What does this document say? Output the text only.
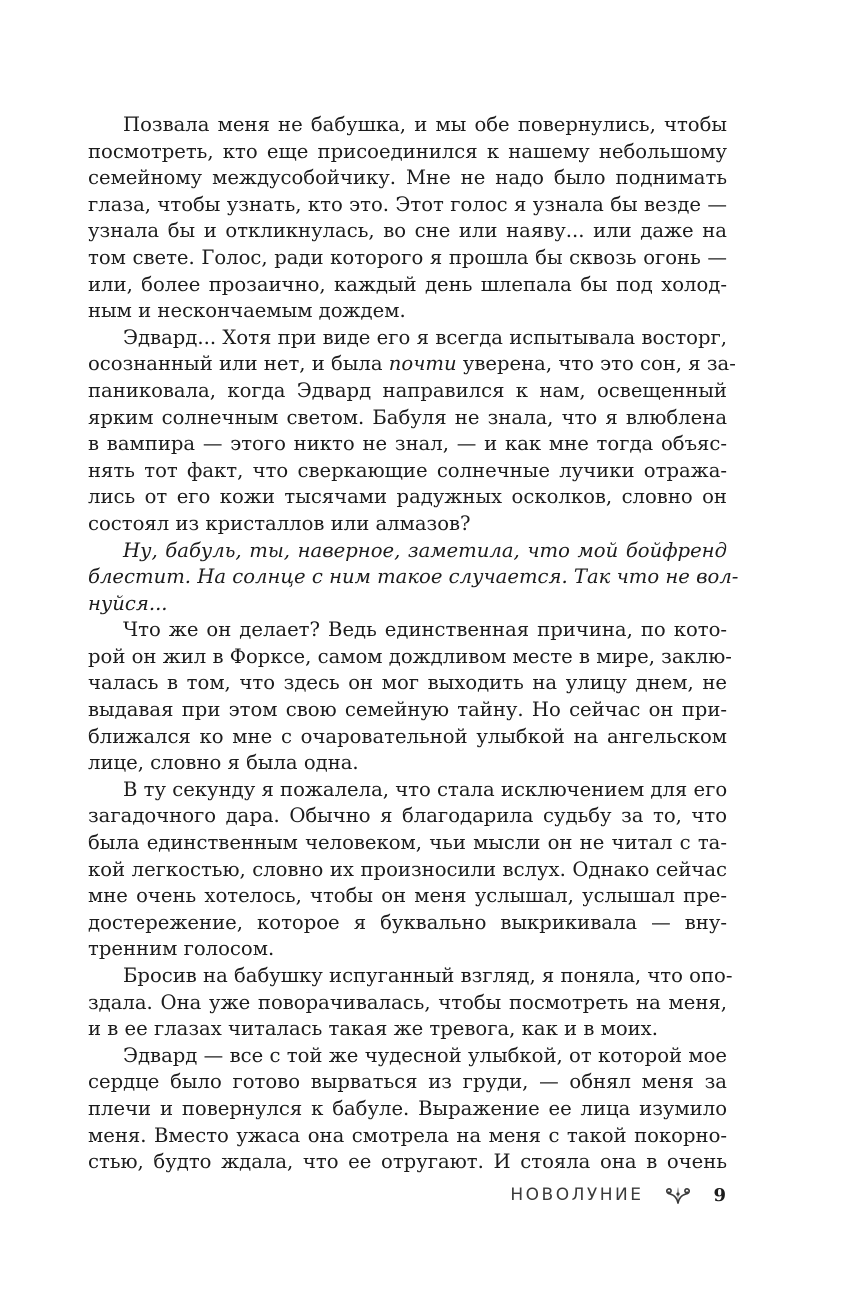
Позвала меня не бабушка, и мы обе повернулись, чтобы
посмотреть, кто еще присоединился к нашему небольшому
семейному междусобойчику. Мне не надо было поднимать
глаза, чтобы узнать, кто это. Этот голос я узнала бы везде —
узнала бы и откликнулась, во сне или наяву... или даже на
том свете. Голос, ради которого я прошла бы сквозь огонь —
или, более прозаично, каждый день шлепала бы под холод-
ным и нескончаемым дождем.
Эдвард... Хотя при виде его я всегда испытывала восторг,
осознанный или нет, и была почти уверена, что это сон, я за-
паниковала, когда Эдвард направился к нам, освещенный
ярким солнечным светом. Бабуля не знала, что я влюблена
в вампира — этого никто не знал, — и как мне тогда объяс-
нять тот факт, что сверкающие солнечные лучики отража-
лись от его кожи тысячами радужных осколков, словно он
состоял из кристаллов или алмазов?
Ну, бабуль, ты, наверное, заметила, что мой бойфренд
блестит. На солнце с ним такое случается. Так что не вол-
нуйся...
Что же он делает? Ведь единственная причина, по кото-
рой он жил в Форксе, самом дождливом месте в мире, заклю-
чалась в том, что здесь он мог выходить на улицу днем, не
выдавая при этом свою семейную тайну. Но сейчас он при-
ближался ко мне с очаровательной улыбкой на ангельском
лице, словно я была одна.
В ту секунду я пожалела, что стала исключением для его
загадочного дара. Обычно я благодарила судьбу за то, что
была единственным человеком, чьи мысли он не читал с та-
кой легкостью, словно их произносили вслух. Однако сейчас
мне очень хотелось, чтобы он меня услышал, услышал пре-
достережение, которое я буквально выкрикивала — вну-
тренним голосом.
Бросив на бабушку испуганный взгляд, я поняла, что опо-
здала. Она уже поворачивалась, чтобы посмотреть на меня,
и в ее глазах читалась такая же тревога, как и в моих.
Эдвард — все с той же чудесной улыбкой, от которой мое
сердце было готово вырваться из груди, — обнял меня за
плечи и повернулся к бабуле. Выражение ее лица изумило
меня. Вместо ужаса она смотрела на меня с такой покорно-
стью, будто ждала, что ее отругают. И стояла она в очень
НОВОЛУНИЕ	9
